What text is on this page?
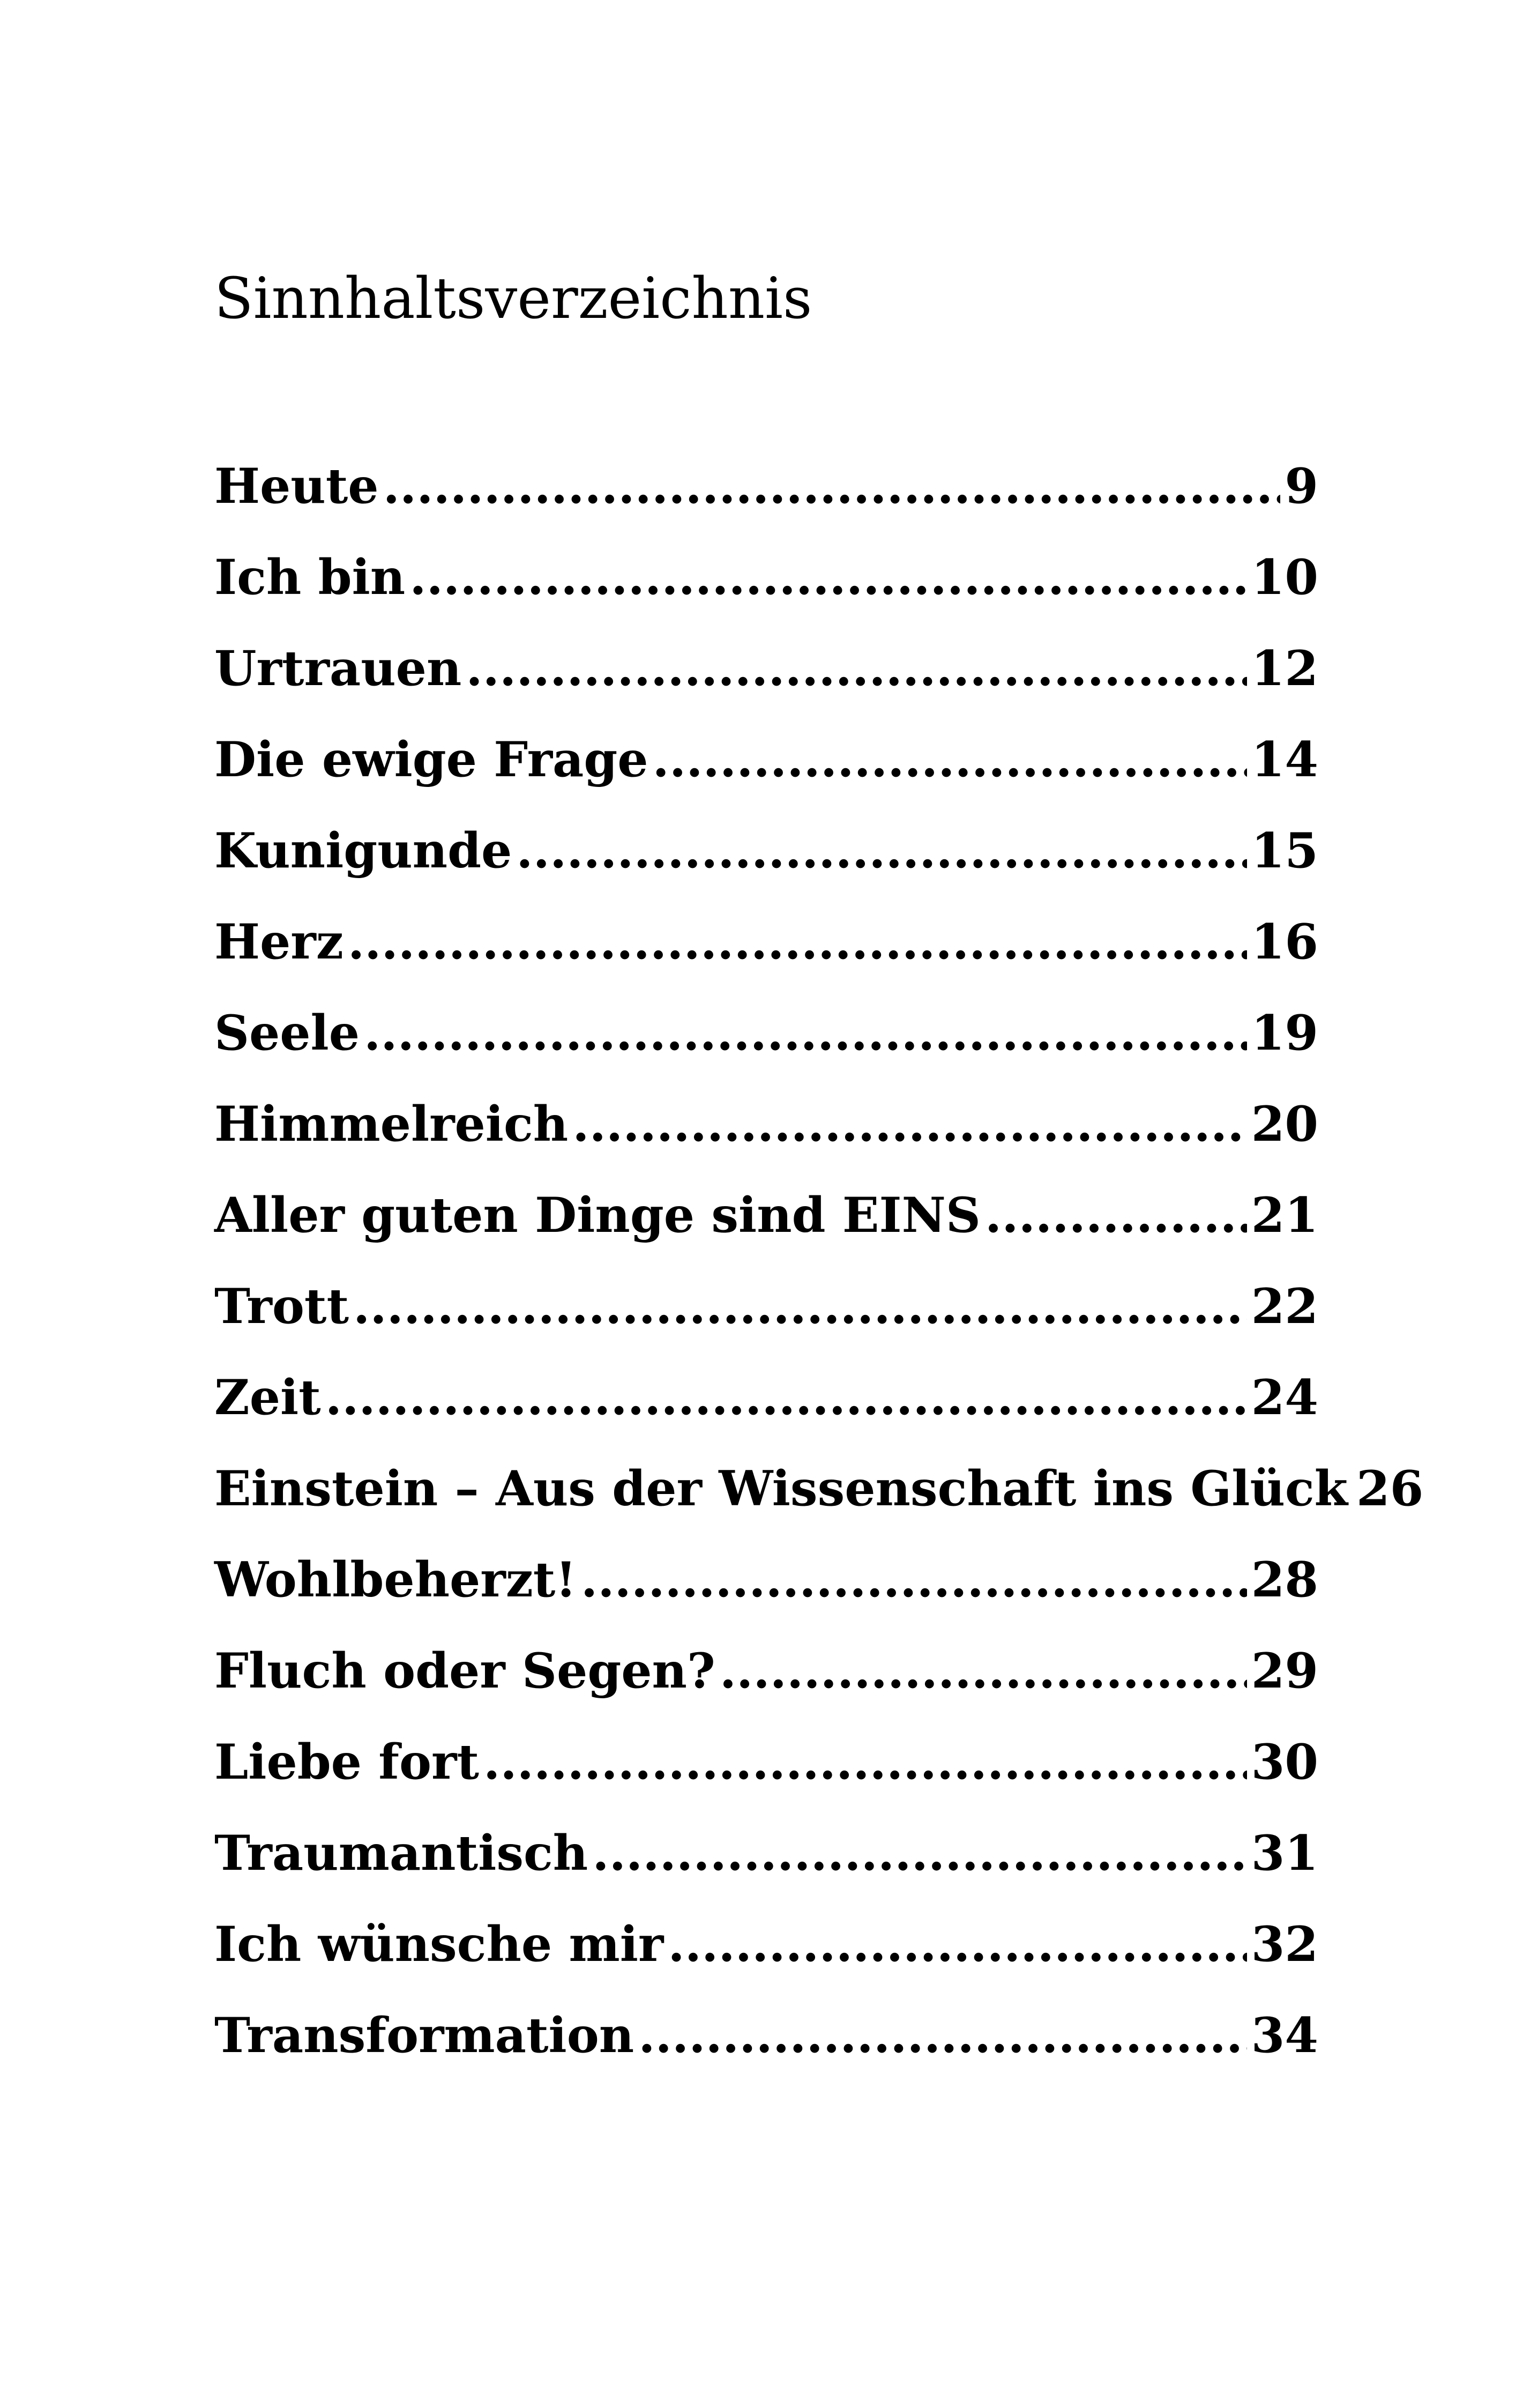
Sinnhaltsverzeichnis
Heute .....	9
Ich bin .....	10
Urtrauen .....	12
Die ewige Frage .....	14
Kunigunde .....	15
Herz .....	16
Seele .....	19
Himmelreich .....	20
Aller guten Dinge sind EINS .....	21
Trott .....	22
Zeit .....	24
Einstein – Aus der Wissenschaft ins Glück 26
Wohlbeherzt! .....	28
Fluch oder Segen? .....	29
Liebe fort .....	30
Traumantisch .....	31
Ich wünsche mir .....	32
Transformation .....	34
